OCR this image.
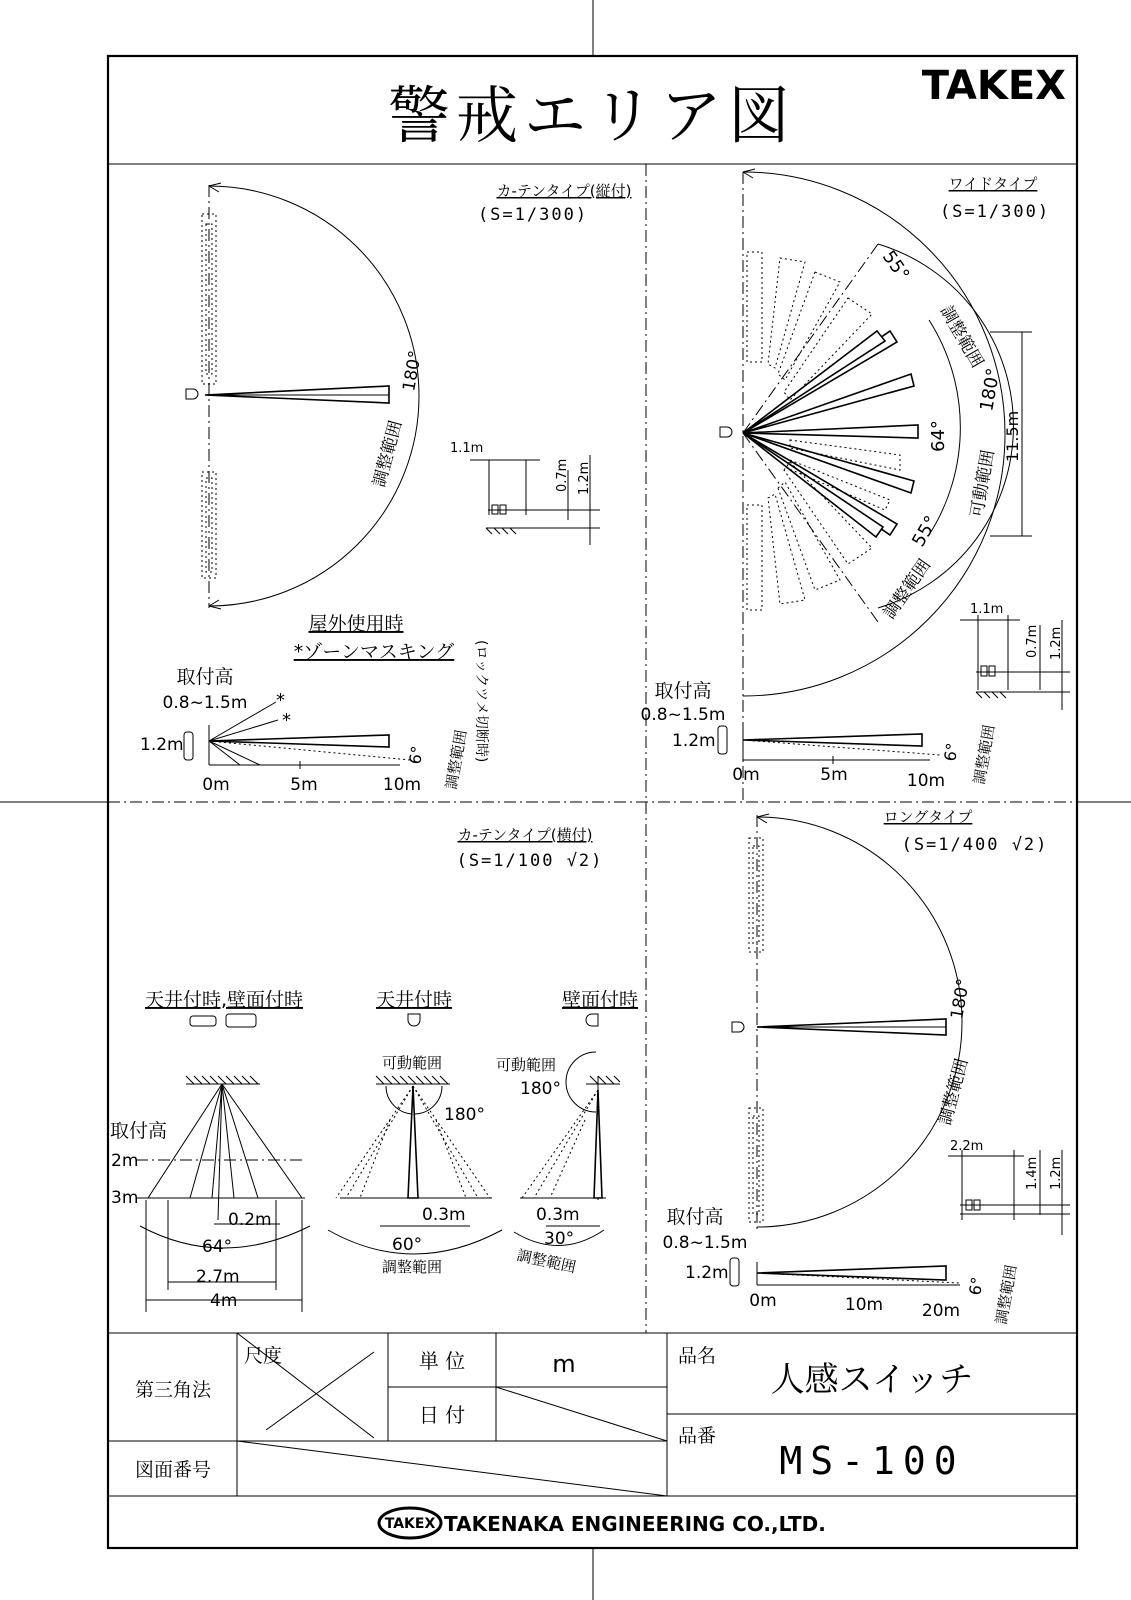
警戒エリア図	TAKEX
カ-テンタイプ(縦付)
(S=1/300)
180°
調整範囲	1.1m
0.7m 1.2m
屋外使用時
*ゾーンマスキング (ロックツメ切断時)
取付高
0.8~1.5m *
*
1.2m	6° 調整範囲
0m	5m	10m
ワイドタイプ
(S=1/300)
55°
調整範囲
64°
55°
調整範囲
180°
可動範囲
11.5m
1.1m
0.7m 1.2m
取付高
0.8~1.5m
1.2m
6° 調整範囲
0m	5m	10m
カ-テンタイプ(横付)
(S=1/100 √2)
天井付時,壁面付時	天井付時	壁面付時
取付高
2m
3m
0.2m
64°
2.7m
4m
可動範囲
180°
0.3m
60°
調整範囲
可動範囲
180°
0.3m
30°
調整範囲
ロングタイプ
(S=1/400 √2)
180°
調整範囲
2.2m
1.4m 1.2m
取付高
0.8~1.5m
1.2m
6° 調整範囲
0m	10m 20m
第三角法
尺度	単 位	m
日 付
図面番号
品名
人感スイッチ
品番
MS-100
TAKEX TAKENAKA ENGINEERING CO.,LTD.
